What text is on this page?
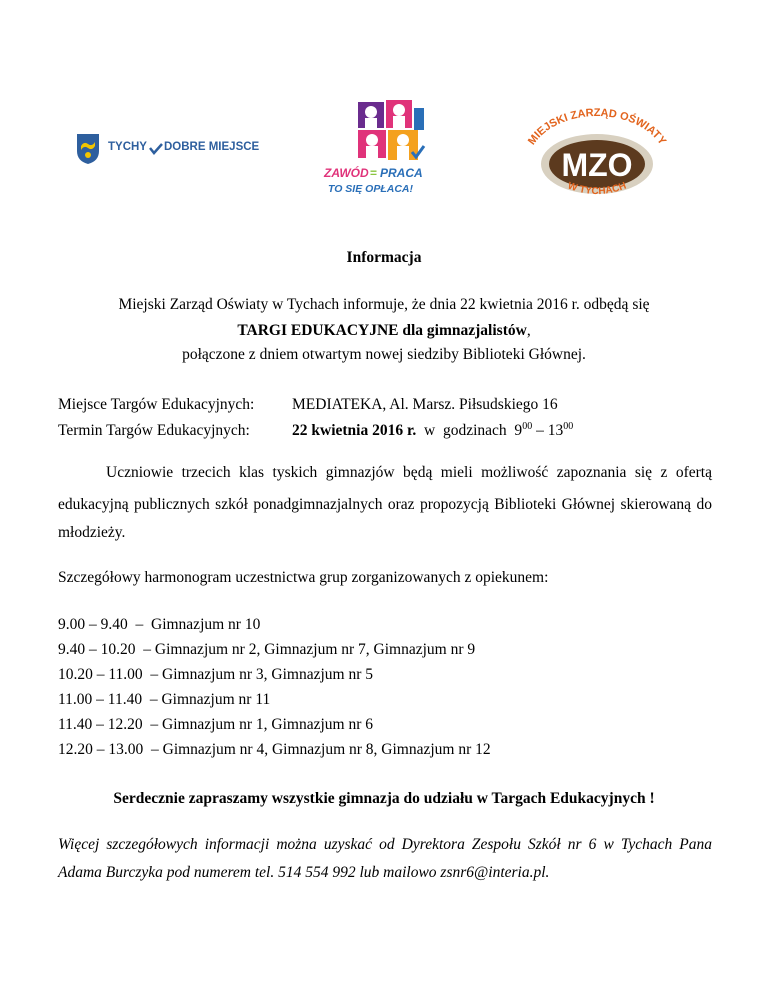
TYCHY DOBRE MIEJSCE
ZAWÓD = PRACA
TO SIĘ OPŁACA!
MIEJSKI ZARZĄD OŚWIATY
MZO
W TYCHACH
Informacja
Miejski Zarząd Oświaty w Tychach informuje, że dnia 22 kwietnia 2016 r. odbędą się
TARGI EDUKACYJNE dla gimnazjalistów,
połączone z dniem otwartym nowej siedziby Biblioteki Głównej.
Miejsce Targów Edukacyjnych: MEDIATEKA, Al. Marsz. Piłsudskiego 16
Termin Targów Edukacyjnych:	22 kwietnia 2016 r.  w  godzinach  $9^{00} - 13^{00}$
Uczniowie trzecich klas tyskich gimnazjów będą mieli możliwość zapoznania się z ofertą
edukacyjną publicznych szkół ponadgimnazjalnych oraz propozycją Biblioteki Głównej skierowaną do
młodzieży.
Szczegółowy harmonogram uczestnictwa grup zorganizowanych z opiekunem:
9.00 – 9.40  –  Gimnazjum nr 10
9.40 – 10.20  – Gimnazjum nr 2, Gimnazjum nr 7, Gimnazjum nr 9
10.20 – 11.00  – Gimnazjum nr 3, Gimnazjum nr 5
11.00 – 11.40  – Gimnazjum nr 11
11.40 – 12.20  – Gimnazjum nr 1, Gimnazjum nr 6
12.20 – 13.00  – Gimnazjum nr 4, Gimnazjum nr 8, Gimnazjum nr 12
Serdecznie zapraszamy wszystkie gimnazja do udziału w Targach Edukacyjnych !
Więcej szczegółowych informacji można uzyskać od Dyrektora Zespołu Szkół nr 6 w Tychach Pana
Adama Burczyka pod numerem tel. 514 554 992 lub mailowo zsnr6@interia.pl.
